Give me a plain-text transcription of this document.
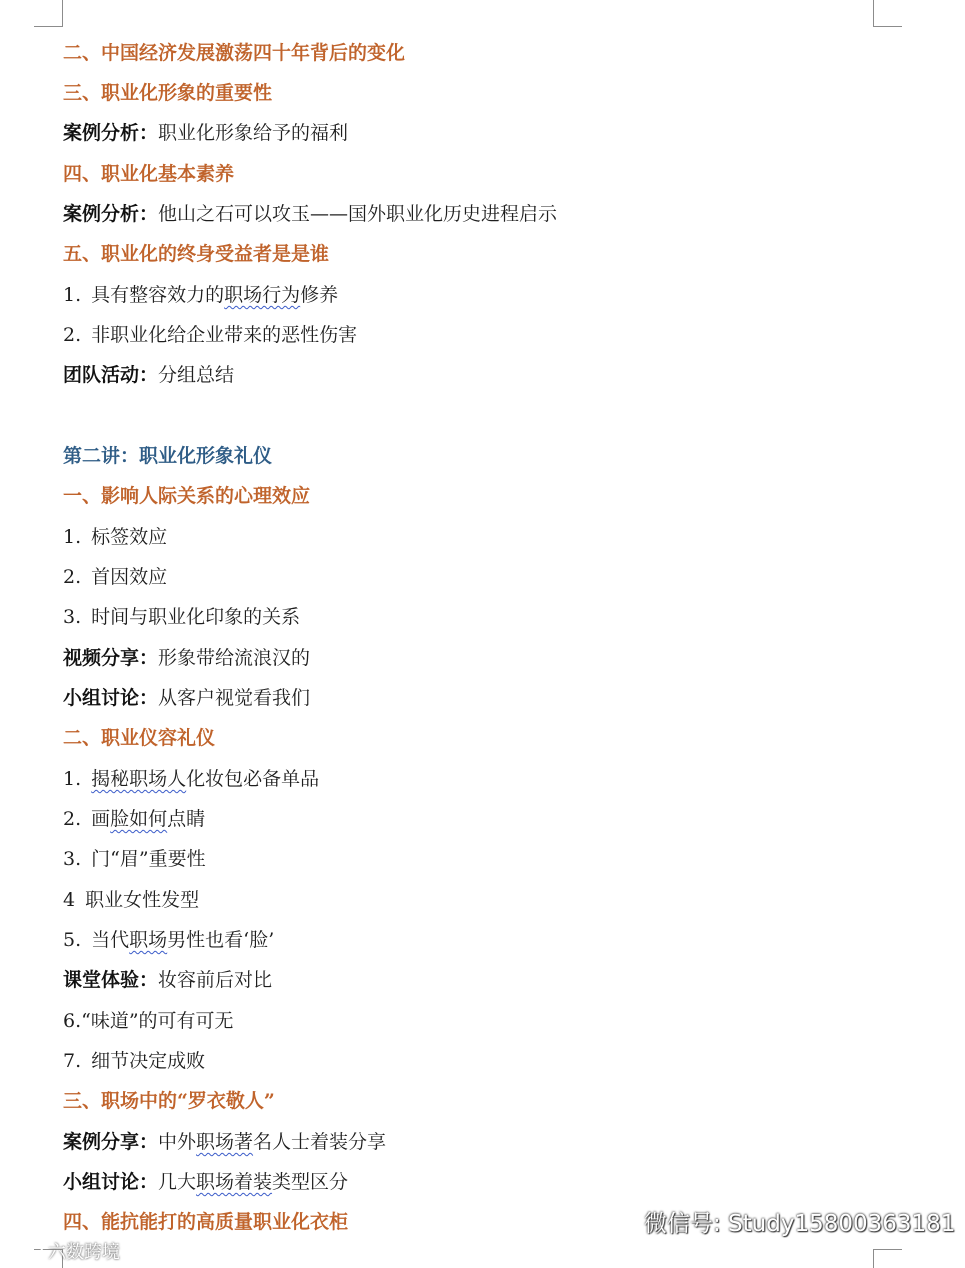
二、中国经济发展激荡四十年背后的变化
三、职业化形象的重要性
案例分析：职业化形象给予的福利
四、职业化基本素养
案例分析：他山之石可以攻玉——国外职业化历史进程启示
五、职业化的终身受益者是是谁
1. 具有整容效力的职场行为修养
2. 非职业化给企业带来的恶性伤害
团队活动：分组总结
第二讲：职业化形象礼仪
一、影响人际关系的心理效应
1. 标签效应
2. 首因效应
3. 时间与职业化印象的关系
视频分享：形象带给流浪汉的
小组讨论：从客户视觉看我们
二、职业仪容礼仪
1. 揭秘职场人化妆包必备单品
2. 画脸如何点睛
3. 门“眉”重要性
4 职业女性发型
5. 当代职场男性也看‘脸’
课堂体验：妆容前后对比
6.“味道”的可有可无
7. 细节决定成败
三、职场中的“罗衣敬人”
案例分享：中外职场著名人士着装分享
小组讨论：几大职场着装类型区分
四、能抗能打的高质量职业化衣柜	微信号: Study15800363181
六数跨境
